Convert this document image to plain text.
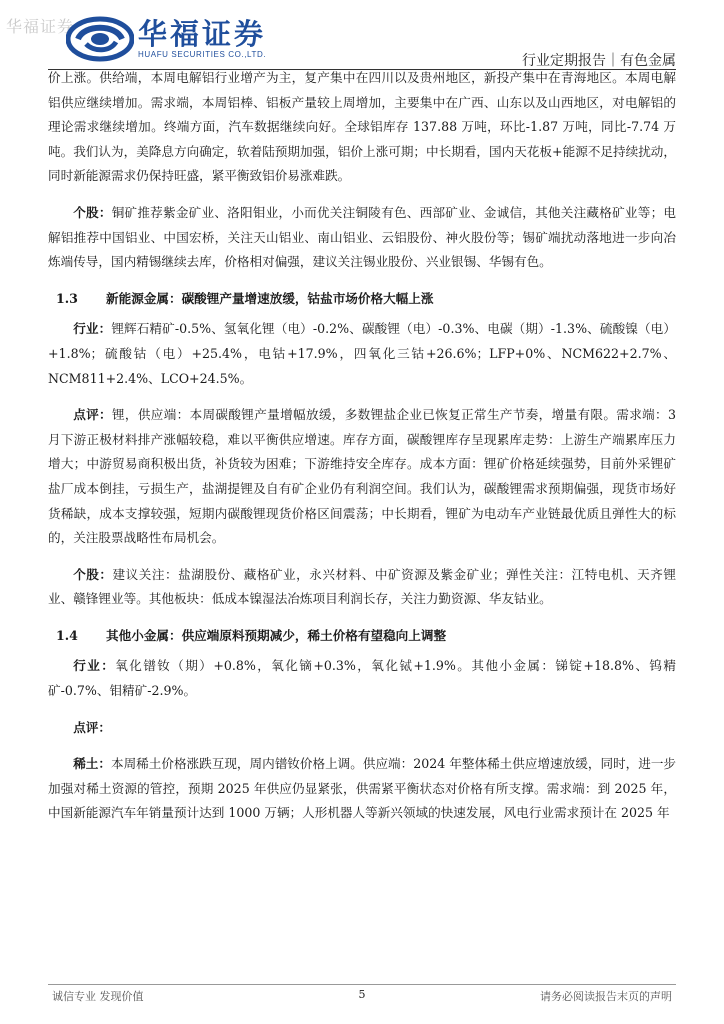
华福证券 华福证券
HUAFU SECURITIES CO.,LTD.	行业定期报告｜有色金属

价上涨。供给端，本周电解铝行业增产为主，复产集中在四川以及贵州地区，新投产集中在青海地区。本周电解铝供应继续增加。需求端，本周铝棒、铝板产量较上周增加，主要集中在广西、山东以及山西地区，对电解铝的理论需求继续增加。终端方面，汽车数据继续向好。全球铝库存 137.88 万吨，环比-1.87 万吨，同比-7.74 万吨。我们认为，美降息方向确定，软着陆预期加强，铝价上涨可期；中长期看，国内天花板+能源不足持续扰动，同时新能源需求仍保持旺盛，紧平衡致铝价易涨难跌。

个股：铜矿推荐紫金矿业、洛阳钼业，小而优关注铜陵有色、西部矿业、金诚信，其他关注藏格矿业等；电解铝推荐中国铝业、中国宏桥，关注天山铝业、南山铝业、云铝股份、神火股份等；锡矿端扰动落地进一步向冶炼端传导，国内精锡继续去库，价格相对偏强，建议关注锡业股份、兴业银锡、华锡有色。

1.3	新能源金属：碳酸锂产量增速放缓，钴盐市场价格大幅上涨

行业：锂辉石精矿-0.5%、氢氧化锂（电）-0.2%、碳酸锂（电）-0.3%、电碳（期）-1.3%、硫酸镍（电）+1.8%；硫酸钴（电）+25.4%，电钴+17.9%，四氧化三钴+26.6%；LFP+0%、NCM622+2.7%、NCM811+2.4%、LCO+24.5%。

点评：锂，供应端：本周碳酸锂产量增幅放缓，多数锂盐企业已恢复正常生产节奏，增量有限。需求端：3 月下游正极材料排产涨幅较稳，难以平衡供应增速。库存方面，碳酸锂库存呈现累库走势：上游生产端累库压力增大；中游贸易商积极出货，补货较为困难；下游维持安全库存。成本方面：锂矿价格延续强势，目前外采锂矿盐厂成本倒挂，亏损生产，盐湖提锂及自有矿企业仍有利润空间。我们认为，碳酸锂需求预期偏强，现货市场好货稀缺，成本支撑较强，短期内碳酸锂现货价格区间震荡；中长期看，锂矿为电动车产业链最优质且弹性大的标的，关注股票战略性布局机会。

个股：建议关注：盐湖股份、藏格矿业，永兴材料、中矿资源及紫金矿业；弹性关注：江特电机、天齐锂业、赣锋锂业等。其他板块：低成本镍湿法冶炼项目利润长存，关注力勤资源、华友钴业。

1.4	其他小金属：供应端原料预期减少，稀土价格有望稳向上调整

行业：氧化镨钕（期）+0.8%，氧化镝+0.3%，氧化铽+1.9%。其他小金属：锑锭+18.8%、钨精矿-0.7%、钼精矿-2.9%。

点评：

稀土：本周稀土价格涨跌互现，周内镨钕价格上调。供应端：2024 年整体稀土供应增速放缓，同时，进一步加强对稀土资源的管控，预期 2025 年供应仍显紧张，供需紧平衡状态对价格有所支撑。需求端：到 2025 年，中国新能源汽车年销量预计达到 1000 万辆；人形机器人等新兴领域的快速发展，风电行业需求预计在 2025 年

诚信专业 发现价值	5	请务必阅读报告末页的声明
